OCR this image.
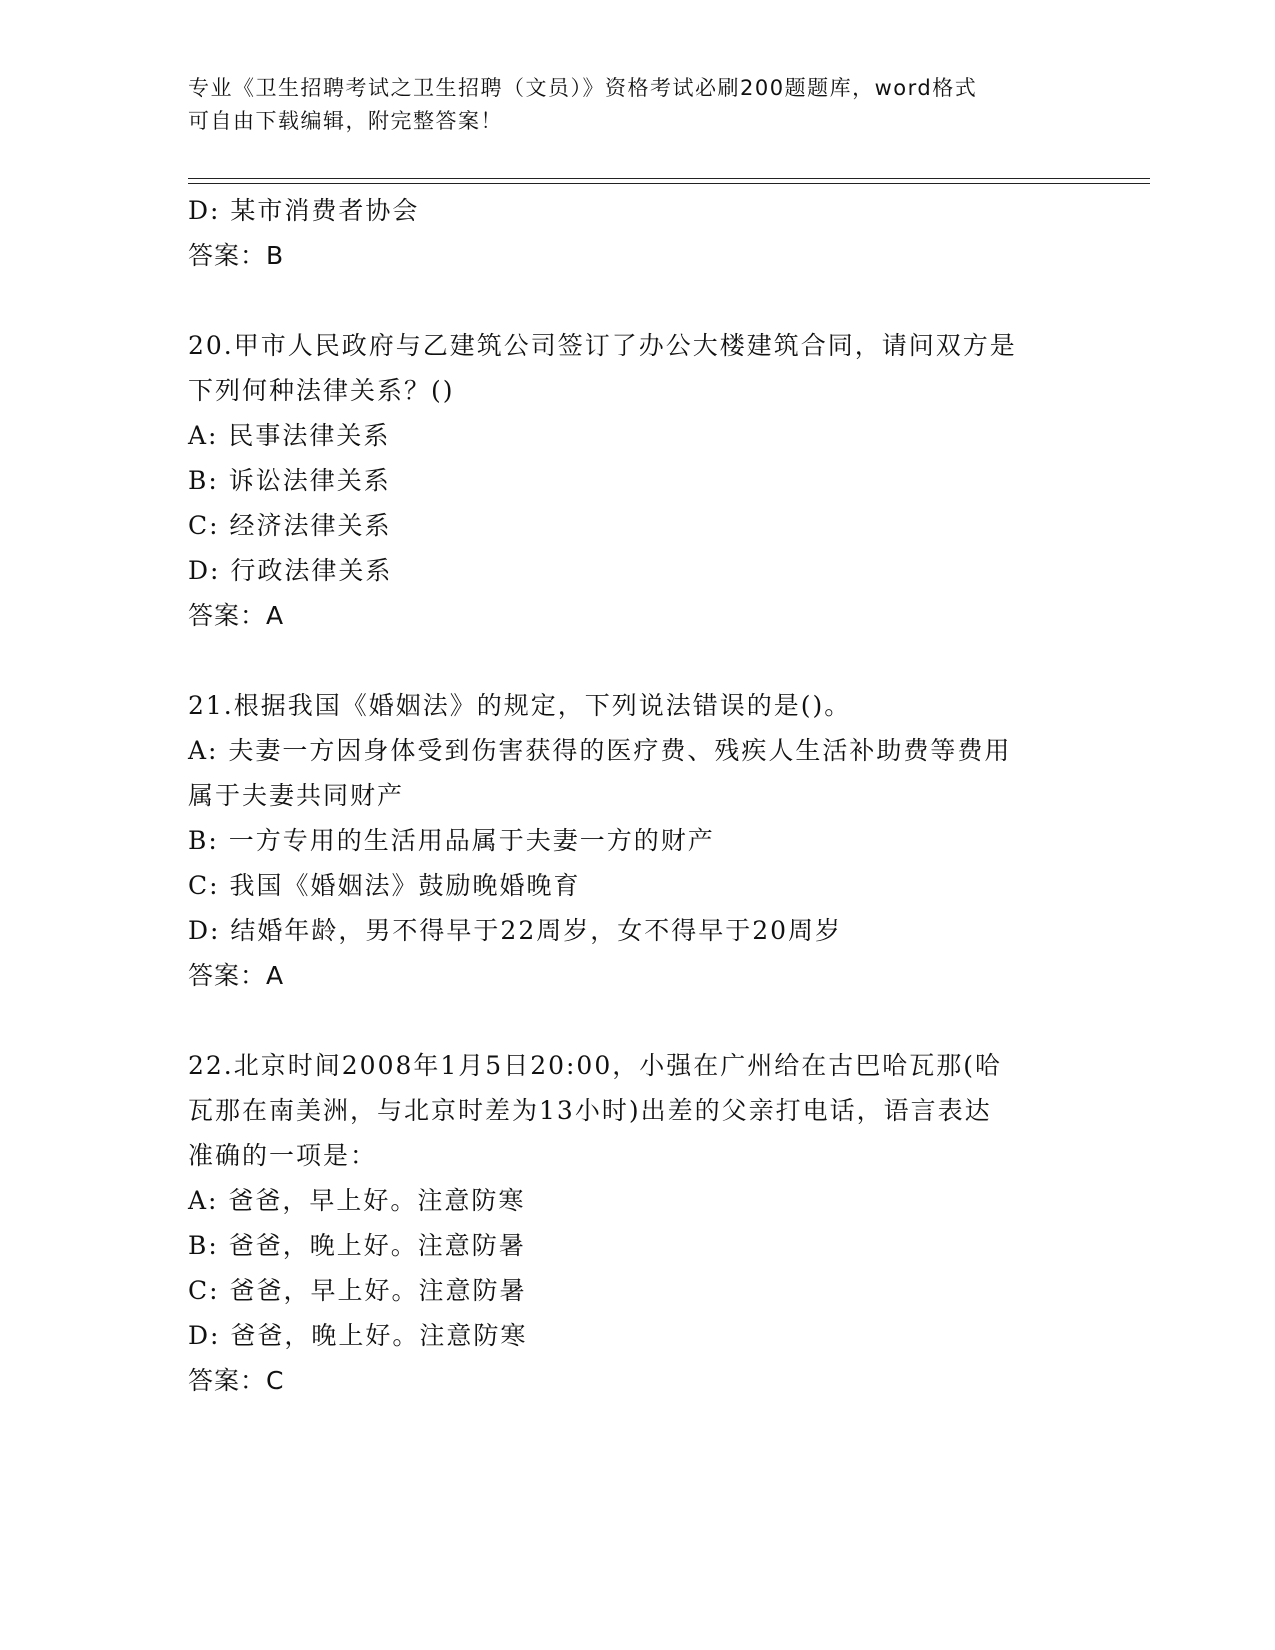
专业《卫生招聘考试之卫生招聘（文员）》资格考试必刷200题题库，word格式
可自由下载编辑，附完整答案！
D: 某市消费者协会
答案：B
20.甲市人民政府与乙建筑公司签订了办公大楼建筑合同，请问双方是
下列何种法律关系？()
A: 民事法律关系
B: 诉讼法律关系
C: 经济法律关系
D: 行政法律关系
答案：A
21.根据我国《婚姻法》的规定，下列说法错误的是()。
A: 夫妻一方因身体受到伤害获得的医疗费、残疾人生活补助费等费用
属于夫妻共同财产
B: 一方专用的生活用品属于夫妻一方的财产
C: 我国《婚姻法》鼓励晚婚晚育
D: 结婚年龄，男不得早于22周岁，女不得早于20周岁
答案：A
22.北京时间2008年1月5日20:00，小强在广州给在古巴哈瓦那(哈
瓦那在南美洲，与北京时差为13小时)出差的父亲打电话，语言表达
准确的一项是：
A: 爸爸，早上好。注意防寒
B: 爸爸，晚上好。注意防暑
C: 爸爸，早上好。注意防暑
D: 爸爸，晚上好。注意防寒
答案：C
